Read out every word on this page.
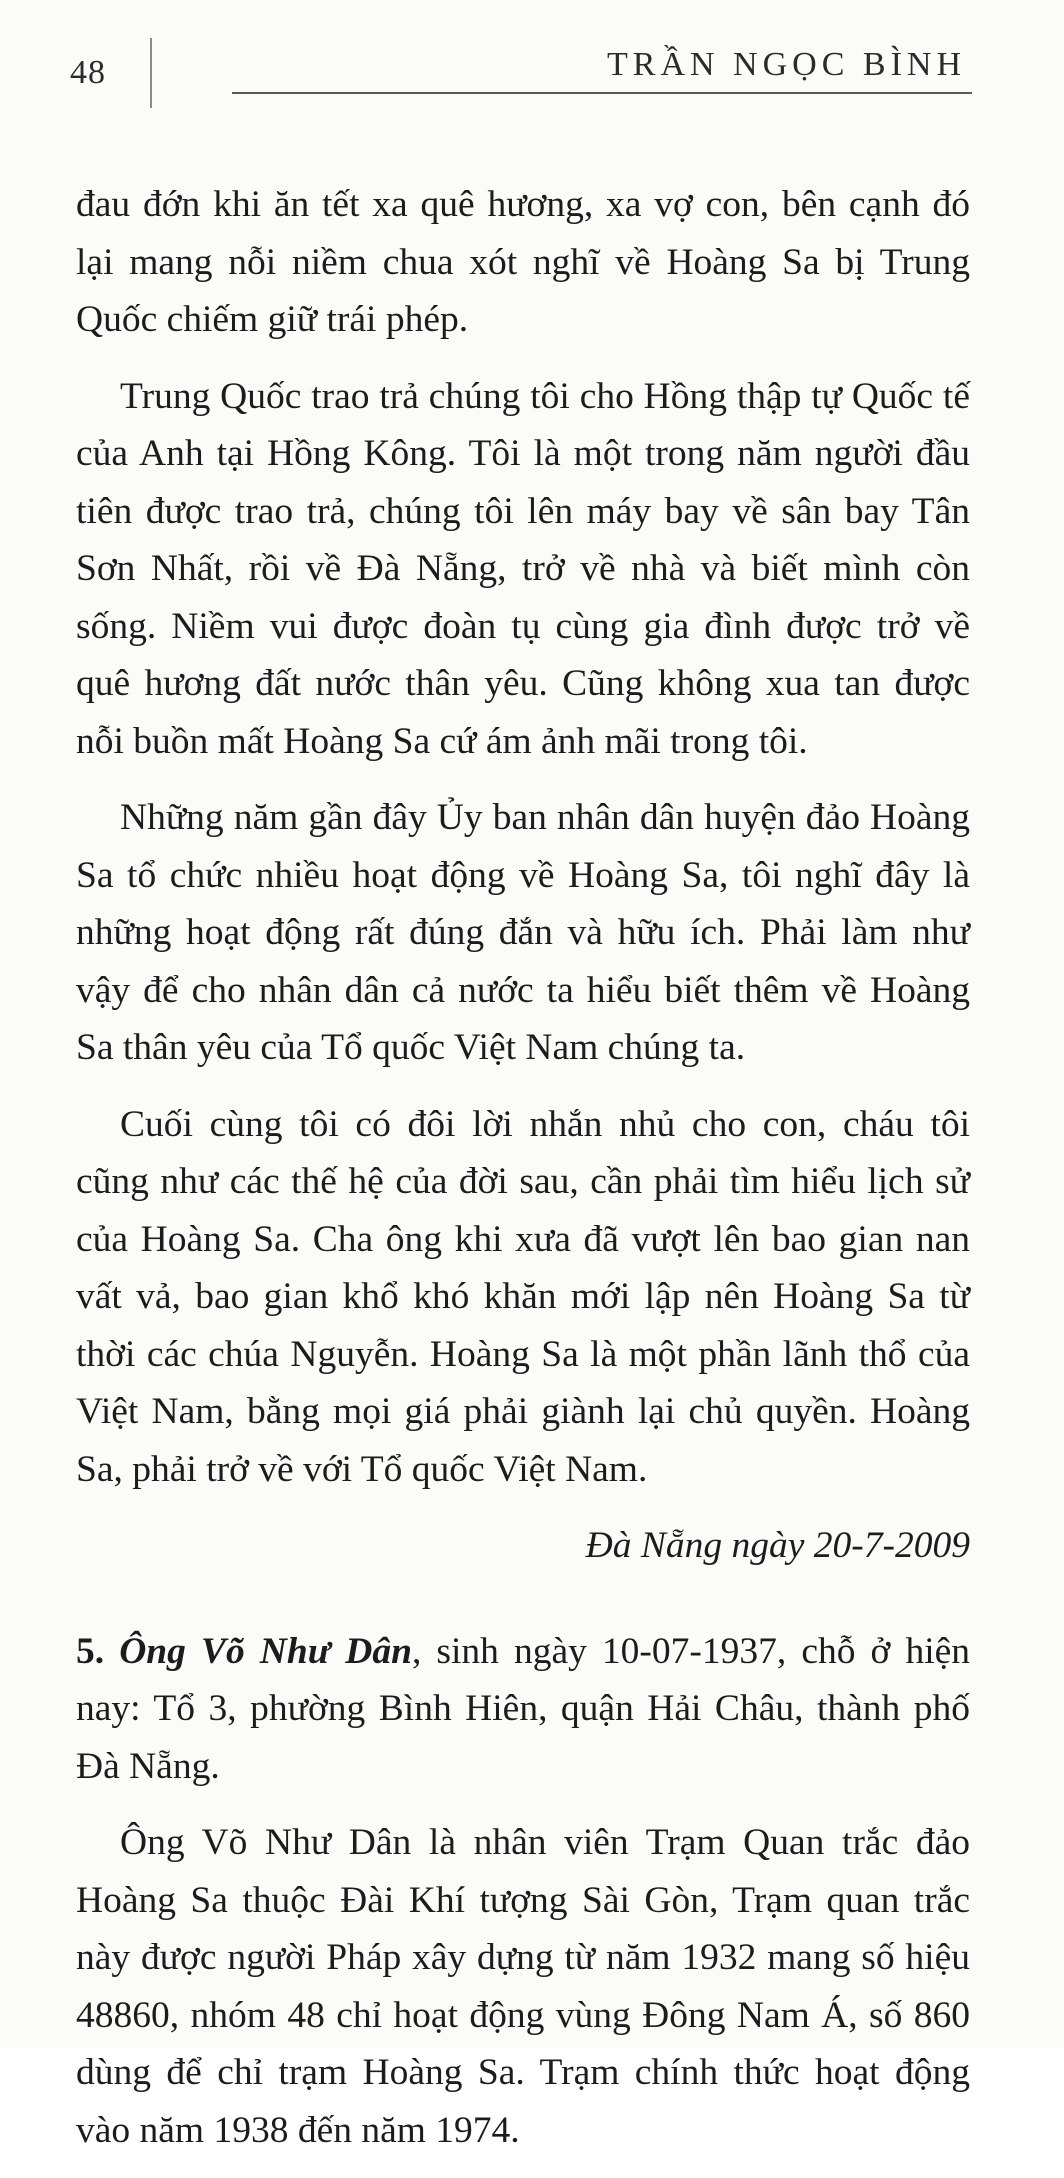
48	TRẦN NGỌC BÌNH

đau đớn khi ăn tết xa quê hương, xa vợ con, bên cạnh đó lại mang nỗi niềm chua xót nghĩ về Hoàng Sa bị Trung Quốc chiếm giữ trái phép.

Trung Quốc trao trả chúng tôi cho Hồng thập tự Quốc tế của Anh tại Hồng Kông. Tôi là một trong năm người đầu tiên được trao trả, chúng tôi lên máy bay về sân bay Tân Sơn Nhất, rồi về Đà Nẵng, trở về nhà và biết mình còn sống. Niềm vui được đoàn tụ cùng gia đình được trở về quê hương đất nước thân yêu. Cũng không xua tan được nỗi buồn mất Hoàng Sa cứ ám ảnh mãi trong tôi.

Những năm gần đây Ủy ban nhân dân huyện đảo Hoàng Sa tổ chức nhiều hoạt động về Hoàng Sa, tôi nghĩ đây là những hoạt động rất đúng đắn và hữu ích. Phải làm như vậy để cho nhân dân cả nước ta hiểu biết thêm về Hoàng Sa thân yêu của Tổ quốc Việt Nam chúng ta.

Cuối cùng tôi có đôi lời nhắn nhủ cho con, cháu tôi cũng như các thế hệ của đời sau, cần phải tìm hiểu lịch sử của Hoàng Sa. Cha ông khi xưa đã vượt lên bao gian nan vất vả, bao gian khổ khó khăn mới lập nên Hoàng Sa từ thời các chúa Nguyễn. Hoàng Sa là một phần lãnh thổ của Việt Nam, bằng mọi giá phải giành lại chủ quyền. Hoàng Sa, phải trở về với Tổ quốc Việt Nam.

Đà Nẵng ngày 20-7-2009

5. Ông Võ Như Dân, sinh ngày 10-07-1937, chỗ ở hiện nay: Tổ 3, phường Bình Hiên, quận Hải Châu, thành phố Đà Nẵng.

Ông Võ Như Dân là nhân viên Trạm Quan trắc đảo Hoàng Sa thuộc Đài Khí tượng Sài Gòn, Trạm quan trắc này được người Pháp xây dựng từ năm 1932 mang số hiệu 48860, nhóm 48 chỉ hoạt động vùng Đông Nam Á, số 860 dùng để chỉ trạm Hoàng Sa. Trạm chính thức hoạt động vào năm 1938 đến năm 1974.
